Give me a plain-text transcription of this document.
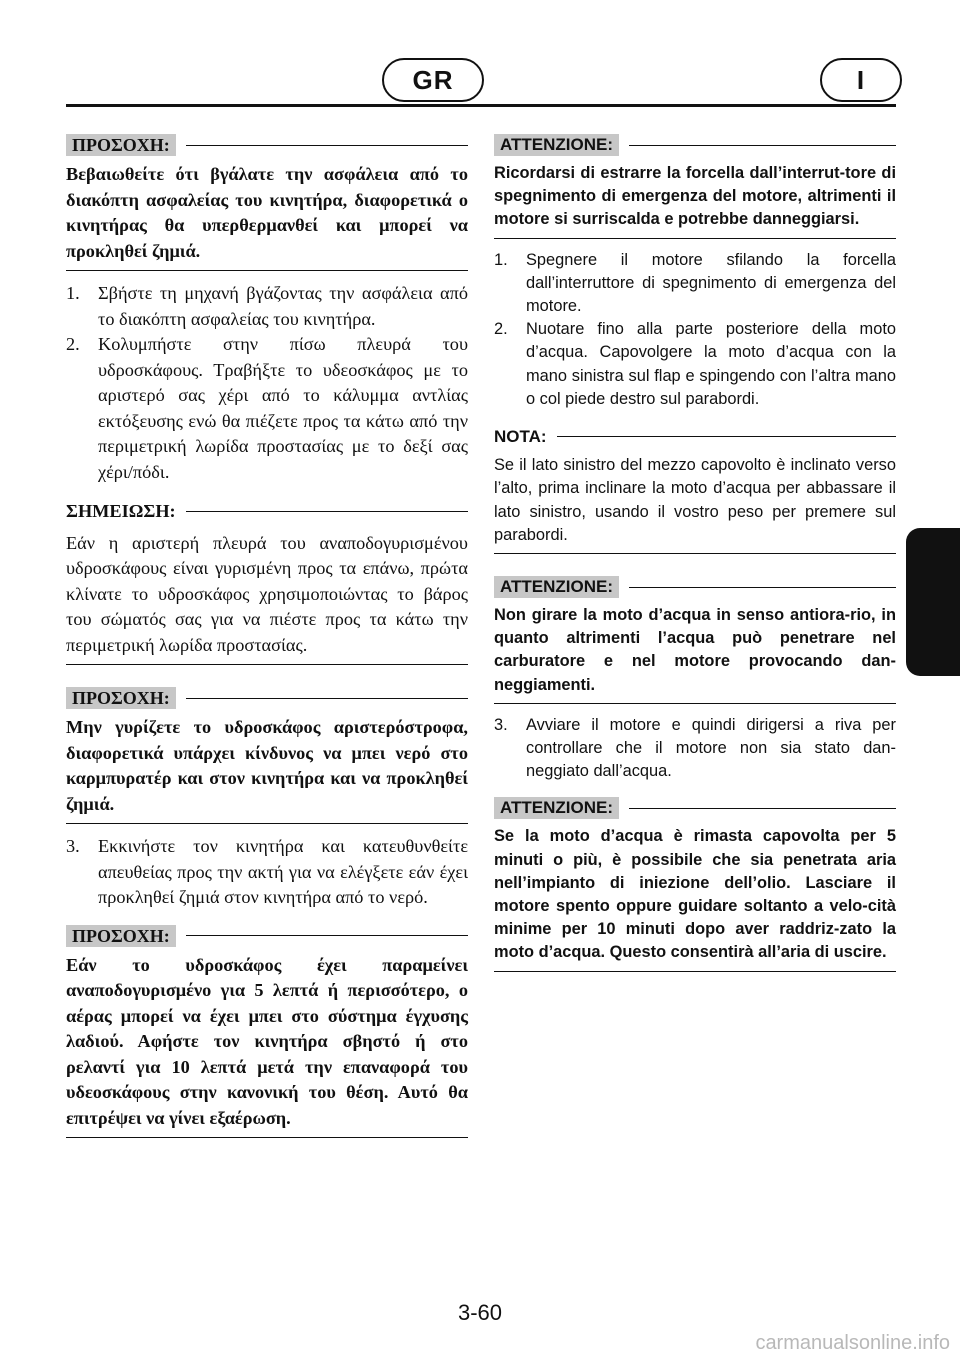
GR	I
ΠΡΟΣΟΧΗ:

Βεβαιωθείτε ότι βγάλατε την ασφάλεια από το διακόπτη ασφαλείας του κινητήρα, διαφορετικά ο κινητήρας θα υπερθερμανθεί και μπορεί να προκληθεί ζημιά.

1. Σβήστε τη μηχανή βγάζοντας την ασφάλεια από το διακόπτη ασφαλείας του κινητήρα.
2. Κολυμπήστε στην πίσω πλευρά του υδροσκάφους. Τραβήξτε το υδεοσκάφος με το αριστερό σας χέρι από το κάλυμμα αντλίας εκτόξευσης ενώ θα πιέζετε προς τα κάτω από την περιμετρική λωρίδα προστασίας με το δεξί σας χέρι/πόδι.
ΣΗΜΕΙΩΣΗ:

Εάν η αριστερή πλευρά του αναποδογυρισμένου υδροσκάφους είναι γυρισμένη προς τα επάνω, πρώτα κλίνατε το υδροσκάφος χρησιμοποιώντας το βάρος του σώματός σας για να πιέστε προς τα κάτω την περιμετρική λωρίδα προστασίας.

ΠΡΟΣΟΧΗ:

Μην γυρίζετε το υδροσκάφος αριστερόστροφα, διαφορετικά υπάρχει κίνδυνος να μπει νερό στο καρμπυρατέρ και στον κινητήρα και να προκληθεί ζημιά.

3. Εκκινήστε τον κινητήρα και κατευθυνθείτε απευθείας προς την ακτή για να ελέγξετε εάν έχει προκληθεί ζημιά στον κινητήρα από το νερό.
ΠΡΟΣΟΧΗ:

Εάν το υδροσκάφος έχει παραμείνει αναποδογυρισμένο για 5 λεπτά ή περισσότερο, ο αέρας μπορεί να έχει μπει στο σύστημα έγχυσης λαδιού. Αφήστε τον κινητήρα σβηστό ή στο ρελαντί για 10 λεπτά μετά την επαναφορά του υδεοσκάφους στην κανονική του θέση. Αυτό θα επιτρέψει να γίνει εξαέρωση.

ATTENZIONE:

Ricordarsi di estrarre la forcella dall’interrut-tore di spegnimento di emergenza del motore, altrimenti il motore si surriscalda e potrebbe danneggiarsi.

1.	Spegnere il motore sfilando la forcella dall’interruttore di spegnimento di emergenza del motore.
2.	Nuotare fino alla parte posteriore della moto d’acqua. Capovolgere la moto d’acqua con la mano sinistra sul flap e spingendo con l’altra mano o col piede destro sul parabordi.
NOTA:

Se il lato sinistro del mezzo capovolto è inclinato verso l’alto, prima inclinare la moto d’acqua per abbassare il lato sinistro, usando il vostro peso per premere sul parabordi.

ATTENZIONE:

Non girare la moto d’acqua in senso antiora-rio, in quanto altrimenti l’acqua può penetrare nel carburatore e nel motore provocando dan-neggiamenti.

3.	Avviare il motore e quindi dirigersi a riva per controllare che il motore non sia stato dan-neggiato dall’acqua.
ATTENZIONE:

Se la moto d’acqua è rimasta capovolta per 5 minuti o più, è possibile che sia penetrata aria nell’impianto di iniezione dell’olio. Lasciare il motore spento oppure guidare soltanto a velo-cità minime per 10 minuti dopo aver raddriz-zato la moto d’acqua. Questo consentirà all’aria di uscire.

3-60
carmanualsonline.info
